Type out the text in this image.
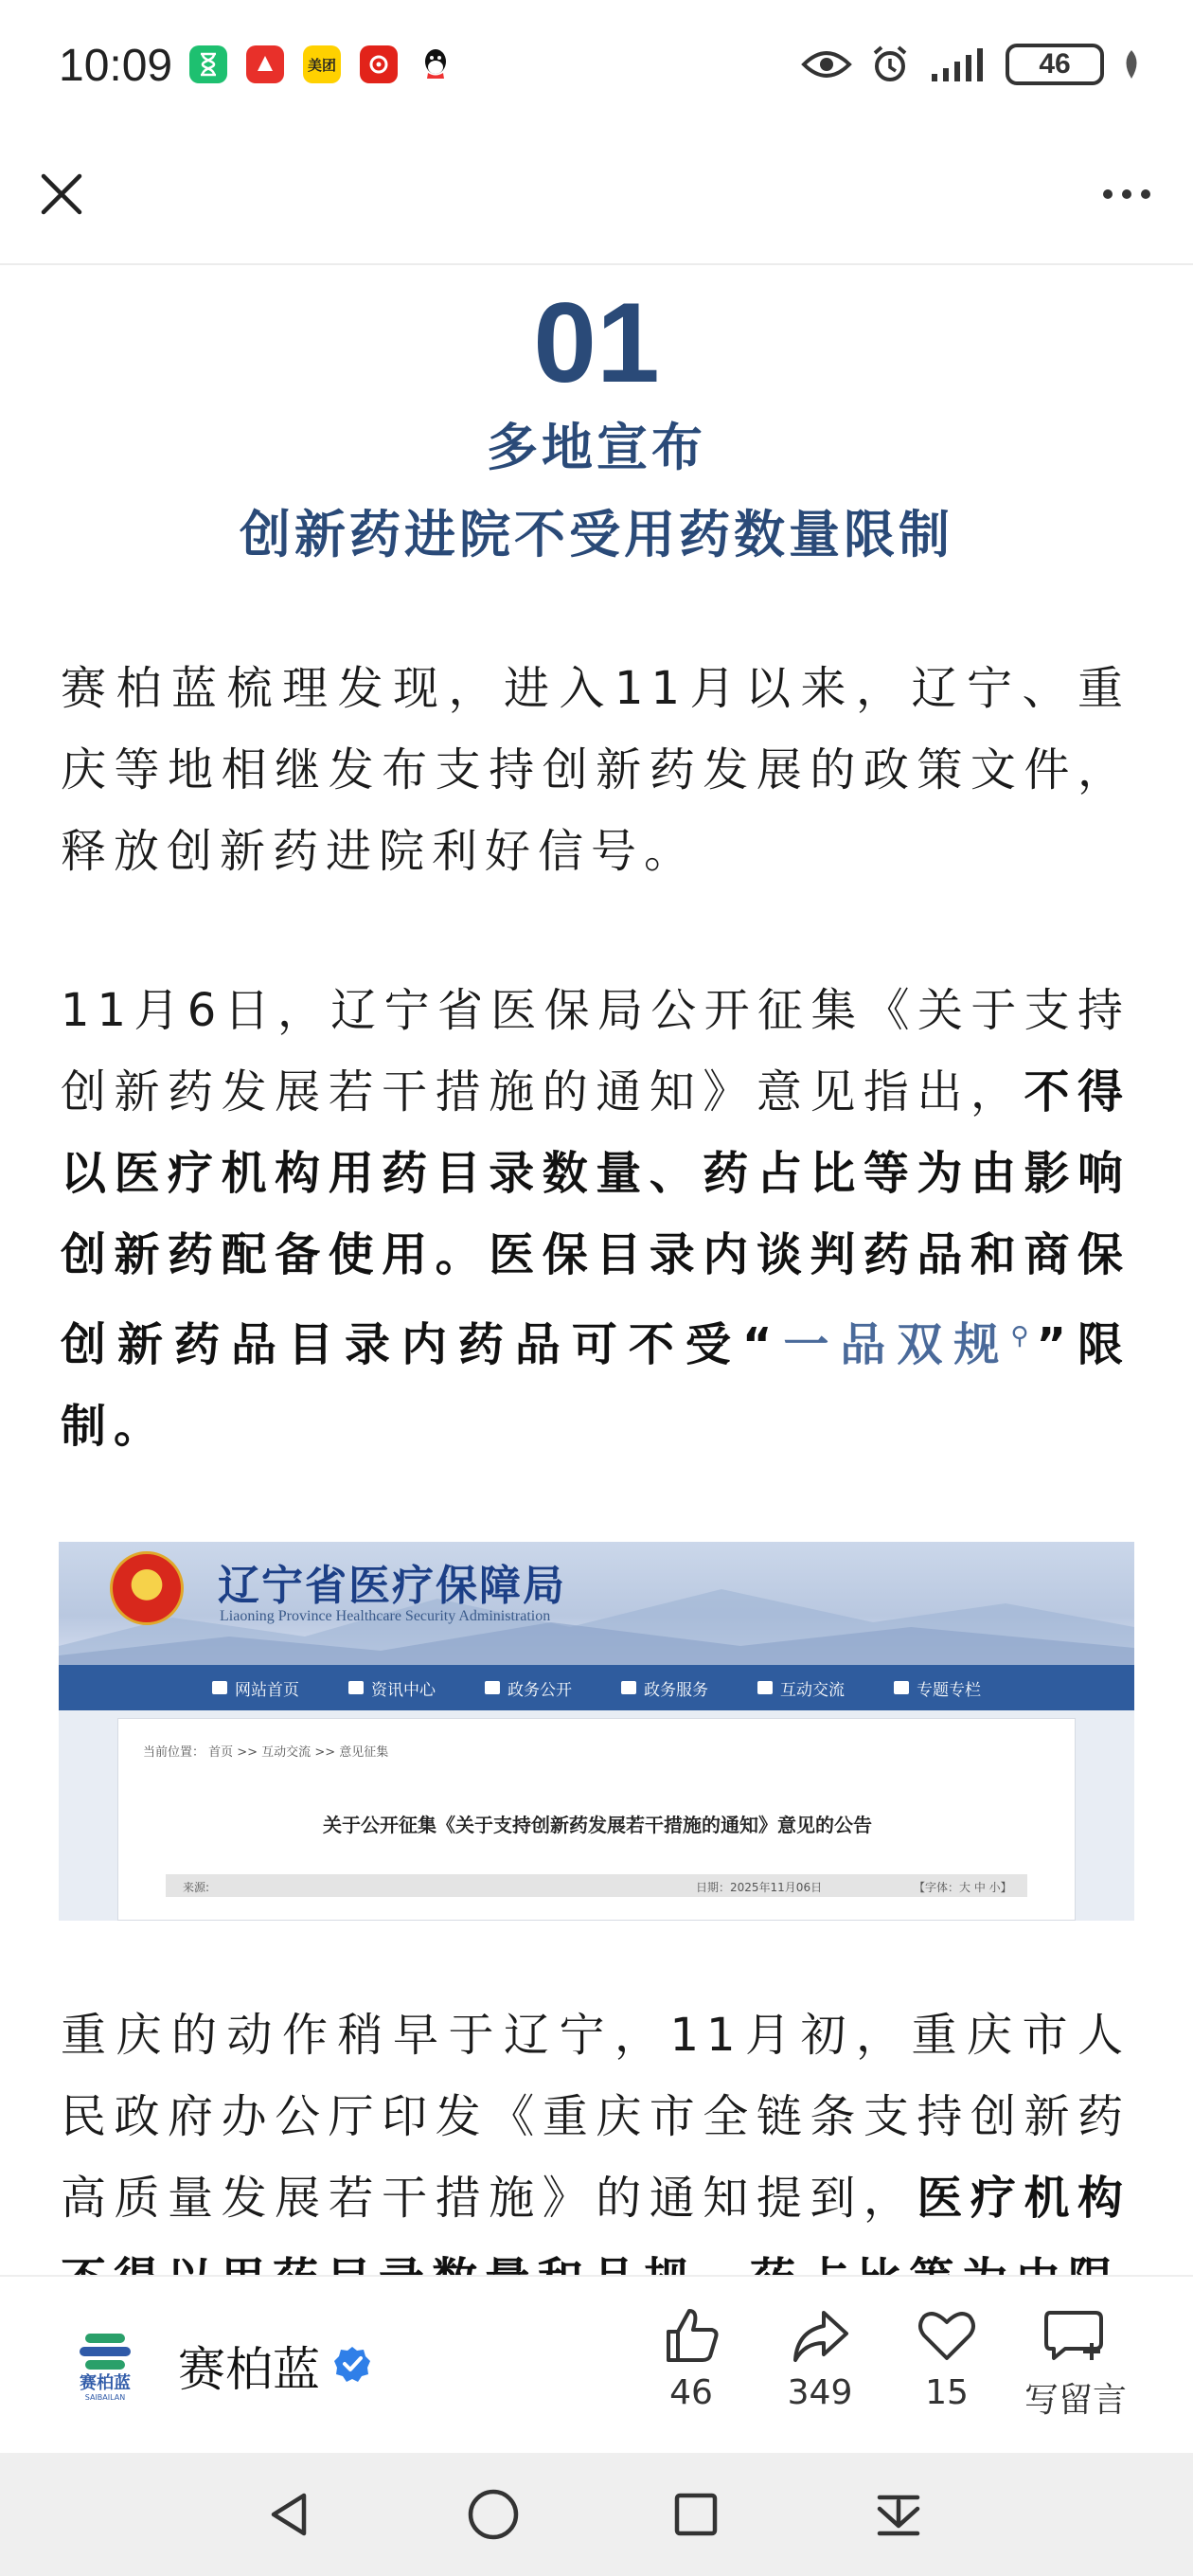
10:09	美团	46
01
多地宣布
创新药进院不受用药数量限制

赛柏蓝梳理发现，进入11月以来，辽宁、重庆等地相继发布支持创新药发展的政策文件，释放创新药进院利好信号。

11月6日，辽宁省医保局公开征集《关于支持创新药发展若干措施的通知》意见指出，不得以医疗机构用药目录数量、药占比等为由影响创新药配备使用。医保目录内谈判药品和商保创新药品目录内药品可不受“一品双规⚲”限制。

辽宁省医疗保障局
Liaoning Province Healthcare Security Administration
网站首页	资讯中心	政务公开	政务服务	互动交流	专题专栏
当前位置： 首页 >> 互动交流 >> 意见征集
关于公开征集《关于支持创新药发展若干措施的通知》意见的公告
来源:	日期：2025年11月06日	【字体：大 中 小】

重庆的动作稍早于辽宁，11月初，重庆市人民政府办公厅印发《重庆市全链条支持创新药高质量发展若干措施》的通知提到，医疗机构

赛柏蓝
SAIBAILAN
赛柏蓝	46	349	15	写留言
